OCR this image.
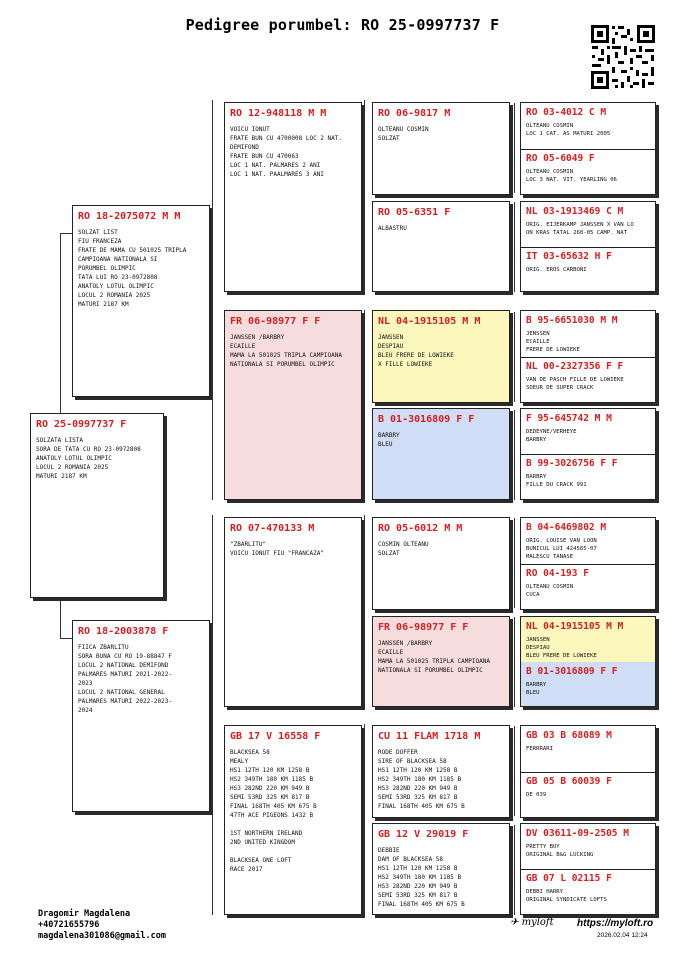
Pedigree porumbel: RO 25-0997737 F
RO 25-0997737 F
SOLZATA LISTA
SORA DE TATA CU RO 23-0972808
ANATOLY LOTUL OLIMPIC
LOCUL 2 ROMANIA 2025
MATURI 2187 KM
RO 18-2075072 M M
SOLZAT LIST
FIU FRANCEZA
FRATE DE MAMA CU 501025 TRIPLA
CAMPIOANA NATIONALA SI
PORUMBEL OLIMPIC
TATA LUI RO 23-0972808
ANATOLY LOTUL OLIMPIC
LOCUL 2 ROMANIA 2025
MATURI 2187 KM
RO 18-2003878 F
FIICA ZBARLITU
SORA BUNA CU RO 19-88847 F
LOCUL 2 NATIONAL DEMIFOND
PALMARES MATURI 2021-2022-
2023
LOCUL 2 NATIONAL GENERAL
PALMARES MATURI 2022-2023-
2024
RO 12-948118 M M
VOICU IONUT
FRATE BUN CU 4700008 LOC 2 NAT.
DEMIFOND
FRATE BUN CU 470063
LOC 1 NAT. PALMARES 2 ANI
LOC 1 NAT. PAALMARES 3 ANI
FR 06-98977 F F
JANSSEN /BARBRY
ECAILLE
MAMA LA 501025 TRIPLA CAMPIOANA
NATIONALA SI PORUMBEL OLIMPIC
RO 07-470133 M
"ZBARLITU"
VOICU IONUT FIU "FRANCAZA"
GB 17 V 16558 F
BLACKSEA 58
MEALY
HS1 12TH 120 KM 1258 B
HS2 349TH 180 KM 1185 B
HS3 282ND 220 KM 949 B
SEMI 53RD 325 KM 817 B
FINAL 168TH 405 KM 675 B
47TH ACE PIGEONS 1432 B

1ST NORTHERN IRELAND
2ND UNITED KINGDOM

BLACKSEA ONE LOFT
RACE 2017
RO 06-9817 M
OLTEANU COSMIN
SOLZAT
RO 05-6351 F
ALBASTRU
NL 04-1915105 M M
JANSSEN
DESPIAU
BLEU FRERE DE LOWIEKE
X FILLE LOWIEKE
B 01-3016809 F F
BARBRY
BLEU
RO 05-6012 M M
COSMIN OLTEANU
SOLZAT
FR 06-98977 F F
JANSSEN /BARBRY
ECAILLE
MAMA LA 501025 TRIPLA CAMPIOANA
NATIONALA SI PORUMBEL OLIMPIC
CU 11 FLAM 1718 M
RODE DOFFER
SIRE OF BLACKSEA 58
HS1 12TH 120 KM 1258 B
HS2 349TH 180 KM 1185 B
HS3 282ND 220 KM 949 B
SEMI 53RD 325 KM 817 B
FINAL 168TH 405 KM 675 B
GB 12 V 29019 F
DEBBIE
DAM OF BLACKSEA 58
HS1 12TH 120 KM 1258 B
HS2 349TH 180 KM 1185 B
HS3 282ND 220 KM 949 B
SEMI 53RD 325 KM 817 B
FINAL 168TH 405 KM 675 B
RO 03-4012 C M
OLTEANU COSMIN
LOC 1 CAT. AS MATURI 2005
RO 05-6049 F
OLTEANU COSMIN
LOC 3 NAT. VIT. YEARLING 06
NL 03-1913469 C M
ORIG. EIJERKAMP JANSSEN X VAN LO
ON KRAS TATAL 268-05 CAMP. NAT
IT 03-65632 H F
ORIG. EROS CARBONI
B 95-6651030 M M
JENSSEN
ECAILLE
FRERE DE LOWIEKE
NL 00-2327356 F F
VAN DE PASCH FILLE DE LOWIEKE
SOEUR DE SUPER CRACK
F 95-645742 M M
DEDEYNE/VERHEYE
BARBRY
B 99-3026756 F F
BARBRY
FILLE DU CRACK 991
B 04-6469802 M
ORIG. LOUISE VAN LOON
BUNICUL LUI 424585-07
MALESCU TANASE
RO 04-193 F
OLTEANU COSMIN
CUCA
NL 04-1915105 M M
JANSSEN
DESPIAU
BLEU FRERE DE LOWIEKE
B 01-3016809 F F
BARBRY
BLEU
GB 03 B 68089 M
FERRRARI
GB 05 B 60039 F
DE 039
DV 03611-09-2505 M
PRETTY BOY
ORIGINAL B&G LUCKING
GB 07 L 02115 F
DEBBI HARRY
ORIGINAL SYNDICATE LOFTS
Dragomir Magdalena
+40721655796
magdalena301086@gmail.com
✈ myloft https://myloft.ro
2026.02.04 12:24
